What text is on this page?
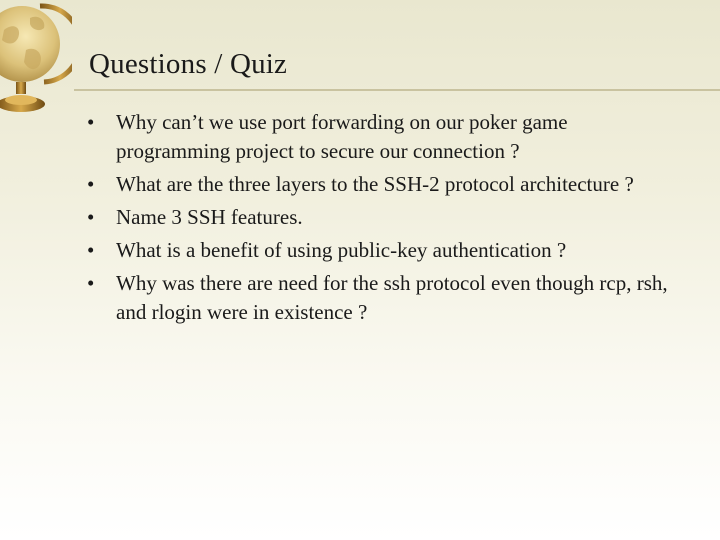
Questions / Quiz
• Why can’t we use port forwarding on our poker game programming project to secure our connection ?
• What are the three layers to the SSH-2 protocol architecture ?
• Name 3 SSH features.
• What is a benefit of using public-key authentication ?
• Why was there are need for the ssh protocol even though rcp, rsh, and rlogin were in existence ?
